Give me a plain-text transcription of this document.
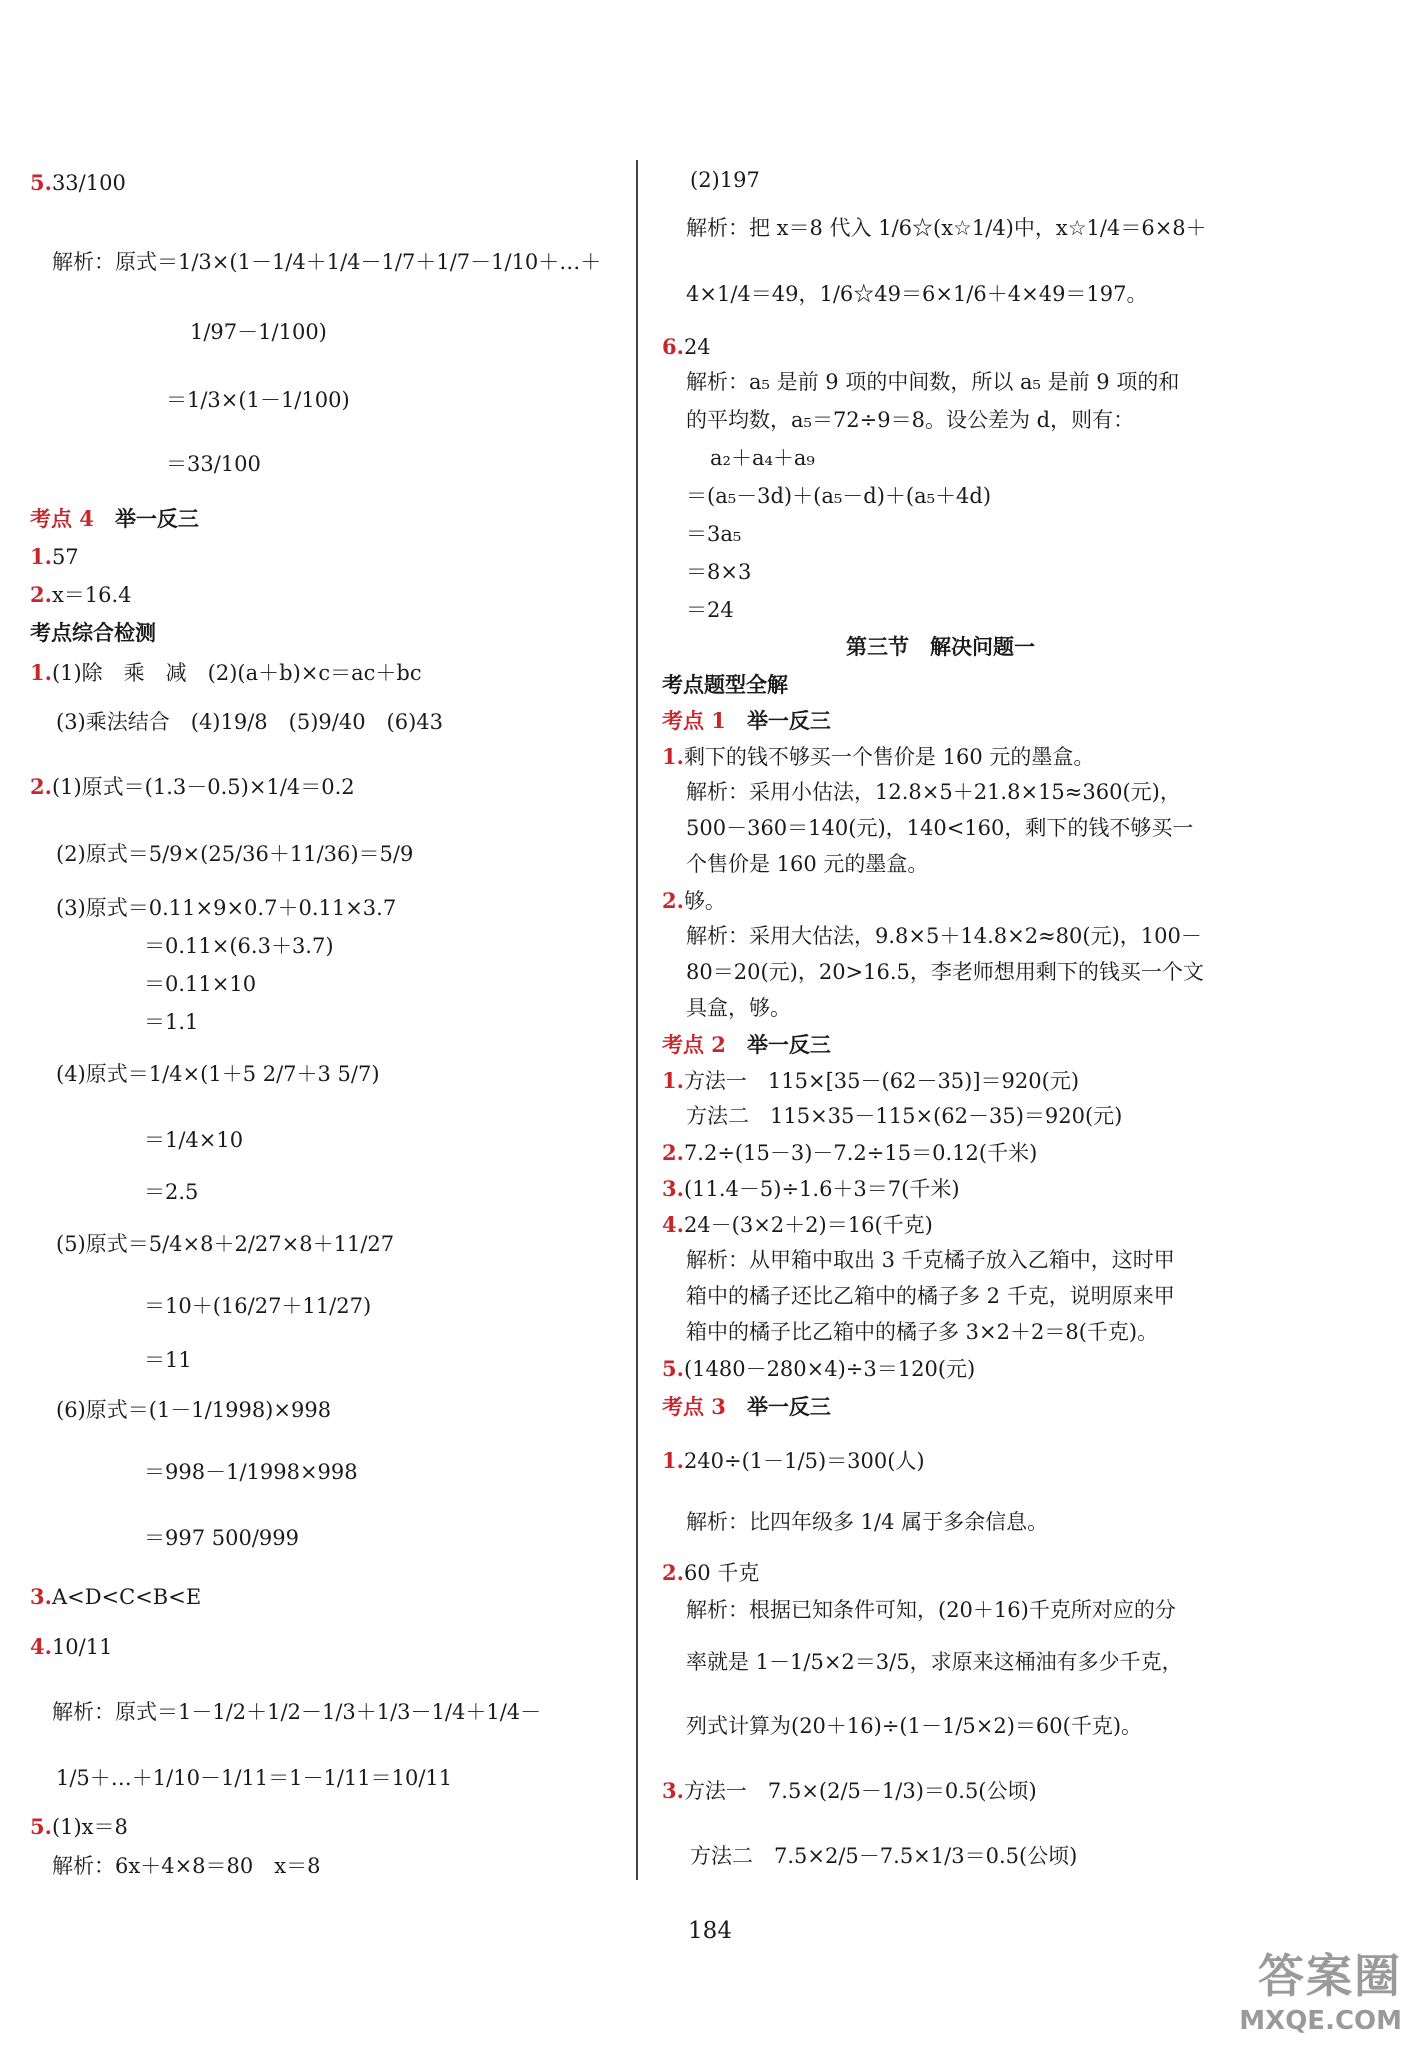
5.33/100
解析：原式＝1/3×(1－1/4＋1/4－1/7＋1/7－1/10＋…＋
1/97－1/100)
＝1/3×(1－1/100)
＝33/100
考点 4　 举一反三
1.57
2.x＝16.4
考点综合检测
1.(1)除　乘　减　(2)(a＋b)×c＝ac＋bc
(3)乘法结合　(4)19/8　(5)9/40　(6)43
2.(1)原式＝(1.3－0.5)×1/4＝0.2
(2)原式＝5/9×(25/36＋11/36)＝5/9
(3)原式＝0.11×9×0.7＋0.11×3.7
＝0.11×(6.3＋3.7)
＝0.11×10
＝1.1
(4)原式＝1/4×(1＋5 2/7＋3 5/7)
＝1/4×10
＝2.5
(5)原式＝5/4×8＋2/27×8＋11/27
＝10＋(16/27＋11/27)
＝11
(6)原式＝(1－1/1998)×998
＝998－1/1998×998
＝997 500/999
3.A<D<C<B<E
4.10/11
解析：原式＝1－1/2＋1/2－1/3＋1/3－1/4＋1/4－
1/5＋…＋1/10－1/11＝1－1/11＝10/11
5.(1)x＝8
解析：6x＋4×8＝80　x＝8
(2)197
解析：把 x＝8 代入 1/6☆(x☆1/4)中，x☆1/4＝6×8＋
4×1/4＝49，1/6☆49＝6×1/6＋4×49＝197。
6.24
解析：a₅ 是前 9 项的中间数，所以 a₅ 是前 9 项的和
的平均数，a₅＝72÷9＝8。设公差为 d，则有：
a₂＋a₄＋a₉
＝(a₅－3d)＋(a₅－d)＋(a₅＋4d)
＝3a₅
＝8×3
＝24
第三节　解决问题一
考点题型全解
考点 1　 举一反三
1.剩下的钱不够买一个售价是 160 元的墨盒。
解析：采用小估法，12.8×5＋21.8×15≈360(元)，
500－360＝140(元)，140<160，剩下的钱不够买一
个售价是 160 元的墨盒。
2.够。
解析：采用大估法，9.8×5＋14.8×2≈80(元)，100－
80＝20(元)，20>16.5，李老师想用剩下的钱买一个文
具盒，够。
考点 2　 举一反三
1.方法一　115×[35－(62－35)]＝920(元)
方法二　115×35－115×(62－35)＝920(元)
2.7.2÷(15－3)－7.2÷15＝0.12(千米)
3.(11.4－5)÷1.6＋3＝7(千米)
4.24－(3×2＋2)＝16(千克)
解析：从甲箱中取出 3 千克橘子放入乙箱中，这时甲
箱中的橘子还比乙箱中的橘子多 2 千克，说明原来甲
箱中的橘子比乙箱中的橘子多 3×2＋2＝8(千克)。
5.(1480－280×4)÷3＝120(元)
考点 3　 举一反三
1.240÷(1－1/5)＝300(人)
解析：比四年级多 1/4 属于多余信息。
2.60 千克
解析：根据已知条件可知，(20＋16)千克所对应的分
率就是 1－1/5×2＝3/5，求原来这桶油有多少千克，
列式计算为(20＋16)÷(1－1/5×2)＝60(千克)。
3.方法一　7.5×(2/5－1/3)＝0.5(公顷)
方法二　7.5×2/5－7.5×1/3＝0.5(公顷)
184
答案圈
MXQE.COM
